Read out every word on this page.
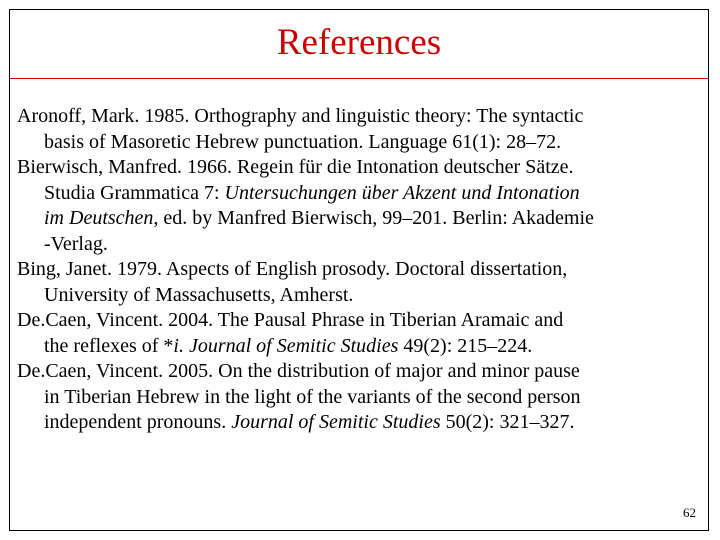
References
Aronoff, Mark. 1985. Orthography and linguistic theory: The syntactic
basis of Masoretic Hebrew punctuation. Language 61(1): 28–72.
Bierwisch, Manfred. 1966. Regein für die Intonation deutscher Sätze.
Studia Grammatica 7: Untersuchungen über Akzent und Intonation
im Deutschen, ed. by Manfred Bierwisch, 99–201. Berlin: Akademie
-Verlag.
Bing, Janet. 1979. Aspects of English prosody. Doctoral dissertation,
University of Massachusetts, Amherst.
De.Caen, Vincent. 2004. The Pausal Phrase in Tiberian Aramaic and
the reflexes of *i. Journal of Semitic Studies 49(2): 215–224.
De.Caen, Vincent. 2005. On the distribution of major and minor pause
in Tiberian Hebrew in the light of the variants of the second person
independent pronouns. Journal of Semitic Studies 50(2): 321–327.
62
